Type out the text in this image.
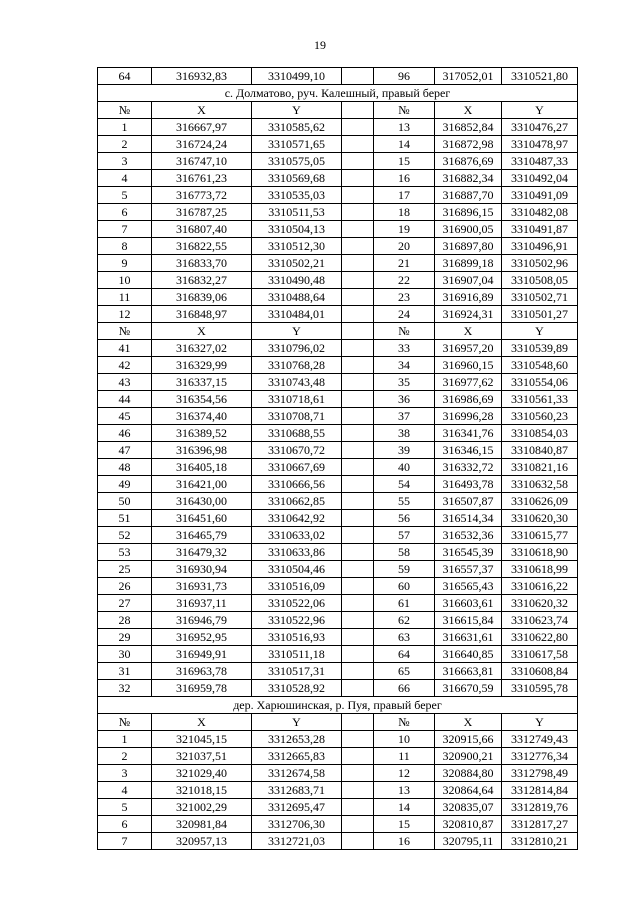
19
64	316932,83	3310499,10		96	317052,01	3310521,80
с. Долматово, руч. Калешный, правый берег						
№	X	Y		№	X	Y
1	316667,97	3310585,62		13	316852,84	3310476,27
2	316724,24	3310571,65		14	316872,98	3310478,97
3	316747,10	3310575,05		15	316876,69	3310487,33
4	316761,23	3310569,68		16	316882,34	3310492,04
5	316773,72	3310535,03		17	316887,70	3310491,09
6	316787,25	3310511,53		18	316896,15	3310482,08
7	316807,40	3310504,13		19	316900,05	3310491,87
8	316822,55	3310512,30		20	316897,80	3310496,91
9	316833,70	3310502,21		21	316899,18	3310502,96
10	316832,27	3310490,48		22	316907,04	3310508,05
11	316839,06	3310488,64		23	316916,89	3310502,71
12	316848,97	3310484,01		24	316924,31	3310501,27
№	X	Y		№	X	Y
41	316327,02	3310796,02		33	316957,20	3310539,89
42	316329,99	3310768,28		34	316960,15	3310548,60
43	316337,15	3310743,48		35	316977,62	3310554,06
44	316354,56	3310718,61		36	316986,69	3310561,33
45	316374,40	3310708,71		37	316996,28	3310560,23
46	316389,52	3310688,55		38	316341,76	3310854,03
47	316396,98	3310670,72		39	316346,15	3310840,87
48	316405,18	3310667,69		40	316332,72	3310821,16
49	316421,00	3310666,56		54	316493,78	3310632,58
50	316430,00	3310662,85		55	316507,87	3310626,09
51	316451,60	3310642,92		56	316514,34	3310620,30
52	316465,79	3310633,02		57	316532,36	3310615,77
53	316479,32	3310633,86		58	316545,39	3310618,90
25	316930,94	3310504,46		59	316557,37	3310618,99
26	316931,73	3310516,09		60	316565,43	3310616,22
27	316937,11	3310522,06		61	316603,61	3310620,32
28	316946,79	3310522,96		62	316615,84	3310623,74
29	316952,95	3310516,93		63	316631,61	3310622,80
30	316949,91	3310511,18		64	316640,85	3310617,58
31	316963,78	3310517,31		65	316663,81	3310608,84
32	316959,78	3310528,92		66	316670,59	3310595,78
дер. Харюшинская, р. Пуя, правый берег						
№	X	Y		№	X	Y
1	321045,15	3312653,28		10	320915,66	3312749,43
2	321037,51	3312665,83		11	320900,21	3312776,34
3	321029,40	3312674,58		12	320884,80	3312798,49
4	321018,15	3312683,71		13	320864,64	3312814,84
5	321002,29	3312695,47		14	320835,07	3312819,76
6	320981,84	3312706,30		15	320810,87	3312817,27
7	320957,13	3312721,03		16	320795,11	3312810,21
